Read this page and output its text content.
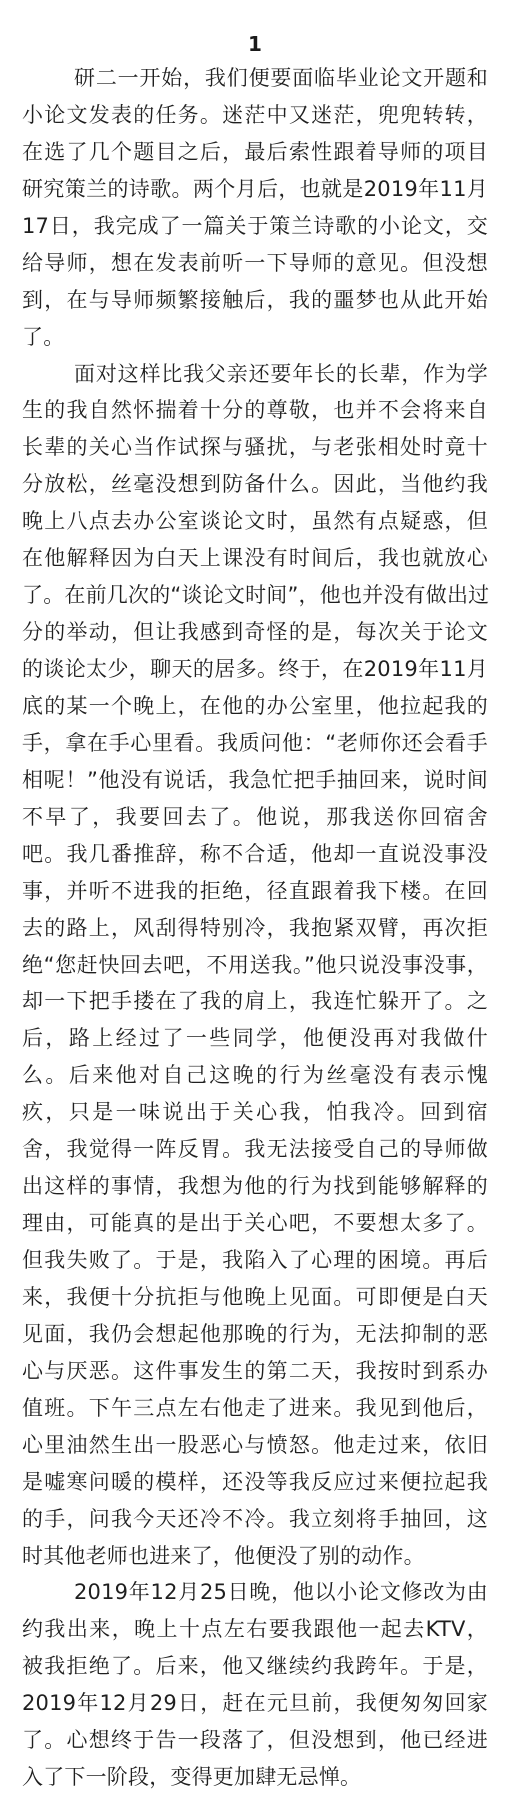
1
研二一开始，我们便要面临毕业论文开题和
小论文发表的任务。迷茫中又迷茫，兜兜转转，
在选了几个题目之后，最后索性跟着导师的项目
研究策兰的诗歌。两个月后，也就是2019年11月
17日，我完成了一篇关于策兰诗歌的小论文，交
给导师，想在发表前听一下导师的意见。但没想
到，在与导师频繁接触后，我的噩梦也从此开始
了。
面对这样比我父亲还要年长的长辈，作为学
生的我自然怀揣着十分的尊敬，也并不会将来自
长辈的关心当作试探与骚扰，与老张相处时竟十
分放松，丝毫没想到防备什么。因此，当他约我
晚上八点去办公室谈论文时，虽然有点疑惑，但
在他解释因为白天上课没有时间后，我也就放心
了。在前几次的“谈论文时间”，他也并没有做出过
分的举动，但让我感到奇怪的是，每次关于论文
的谈论太少，聊天的居多。终于，在2019年11月
底的某一个晚上，在他的办公室里，他拉起我的
手，拿在手心里看。我质问他：“老师你还会看手
相呢！”他没有说话，我急忙把手抽回来，说时间
不早了，我要回去了。他说，那我送你回宿舍
吧。我几番推辞，称不合适，他却一直说没事没
事，并听不进我的拒绝，径直跟着我下楼。在回
去的路上，风刮得特别冷，我抱紧双臂，再次拒
绝“您赶快回去吧，不用送我。”他只说没事没事，
却一下把手搂在了我的肩上，我连忙躲开了。之
后，路上经过了一些同学，他便没再对我做什
么。后来他对自己这晚的行为丝毫没有表示愧
疚，只是一味说出于关心我，怕我冷。回到宿
舍，我觉得一阵反胃。我无法接受自己的导师做
出这样的事情，我想为他的行为找到能够解释的
理由，可能真的是出于关心吧，不要想太多了。
但我失败了。于是，我陷入了心理的困境。再后
来，我便十分抗拒与他晚上见面。可即便是白天
见面，我仍会想起他那晚的行为，无法抑制的恶
心与厌恶。这件事发生的第二天，我按时到系办
值班。下午三点左右他走了进来。我见到他后，
心里油然生出一股恶心与愤怒。他走过来，依旧
是嘘寒问暖的模样，还没等我反应过来便拉起我
的手，问我今天还冷不冷。我立刻将手抽回，这
时其他老师也进来了，他便没了别的动作。
2019年12月25日晚，他以小论文修改为由
约我出来，晚上十点左右要我跟他一起去KTV，
被我拒绝了。后来，他又继续约我跨年。于是，
2019年12月29日，赶在元旦前，我便匆匆回家
了。心想终于告一段落了，但没想到，他已经进
入了下一阶段，变得更加肆无忌惮。
